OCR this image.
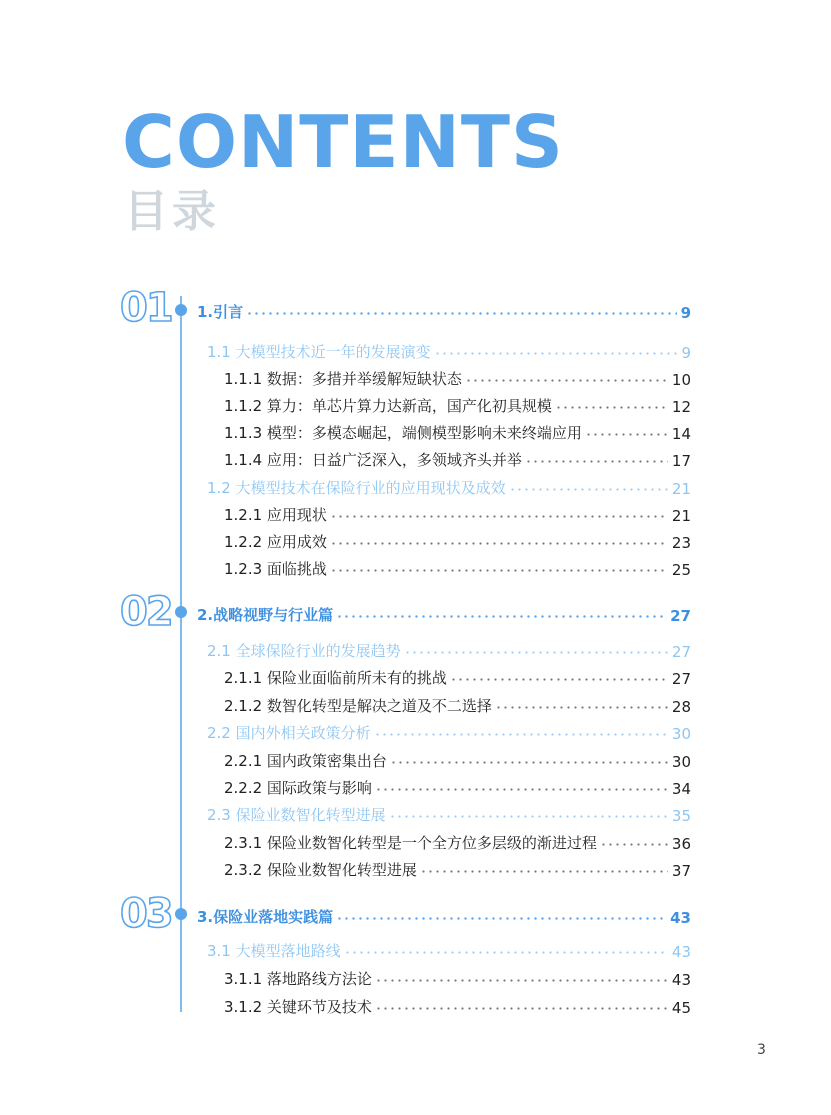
CONTENTS
目录
01 1.引言	9
1.1 大模型技术近一年的发展演变	9
1.1.1 数据：多措并举缓解短缺状态	10
1.1.2 算力：单芯片算力达新高，国产化初具规模	12
1.1.3 模型：多模态崛起，端侧模型影响未来终端应用	14
1.1.4 应用：日益广泛深入，多领域齐头并举	17
1.2 大模型技术在保险行业的应用现状及成效	21
1.2.1 应用现状	21
1.2.2 应用成效	23
1.2.3 面临挑战	25
02 2.战略视野与行业篇	27
2.1 全球保险行业的发展趋势	27
2.1.1 保险业面临前所未有的挑战	27
2.1.2 数智化转型是解决之道及不二选择	28
2.2 国内外相关政策分析	30
2.2.1 国内政策密集出台	30
2.2.2 国际政策与影响	34
2.3 保险业数智化转型进展	35
2.3.1 保险业数智化转型是一个全方位多层级的渐进过程	36
2.3.2 保险业数智化转型进展	37
03 3.保险业落地实践篇	43
3.1 大模型落地路线	43
3.1.1 落地路线方法论	43
3.1.2 关键环节及技术	45
3
